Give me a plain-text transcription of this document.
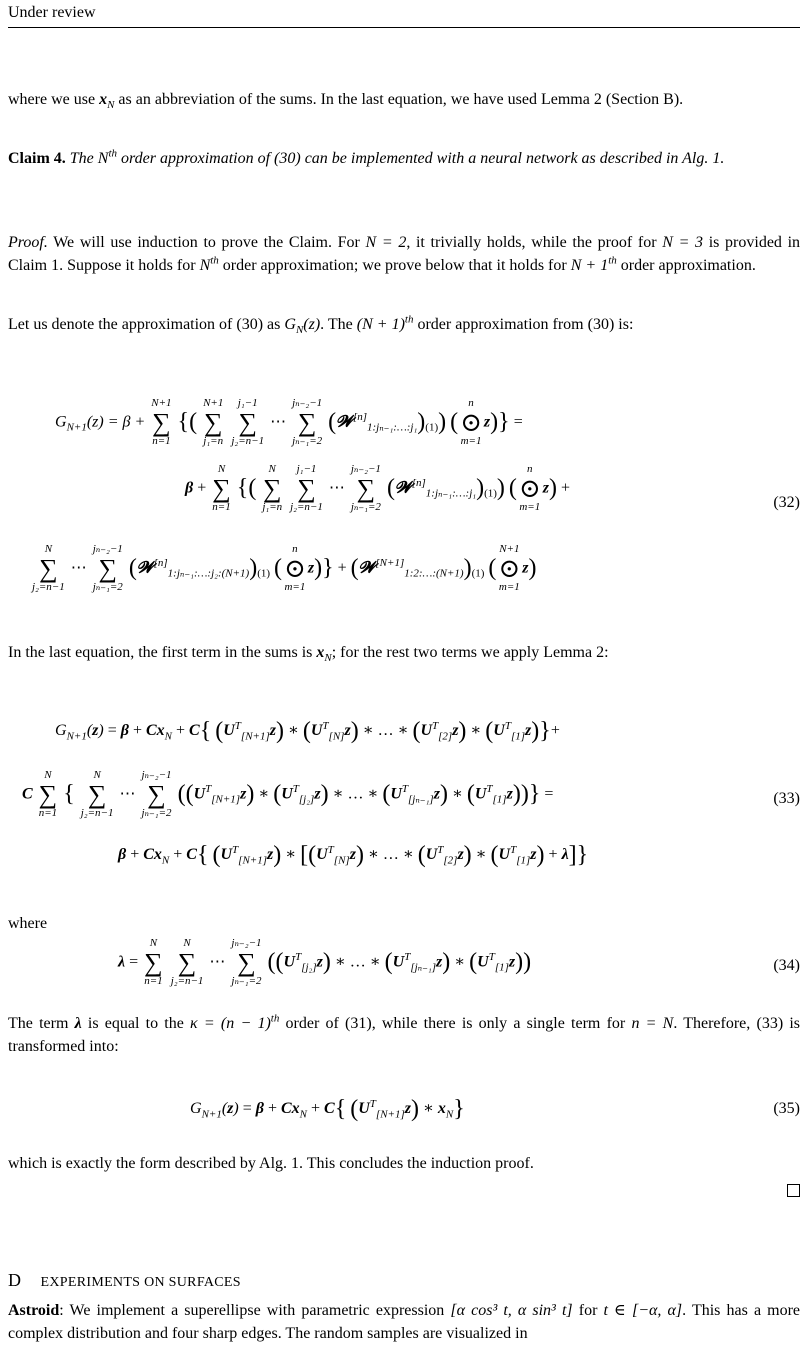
Under review

where we use $x_N$ as an abbreviation of the sums. In the last equation, we have used Lemma 2 (Section B).

Claim 4. The $N^{th}$ order approximation of (30) can be implemented with a neural network as described in Alg. 1.

Proof. We will use induction to prove the Claim. For N = 2, it trivially holds, while the proof for N = 3 is provided in Claim 1. Suppose it holds for $N^{th}$ order approximation; we prove below that it holds for N + 1th order approximation.

Let us denote the approximation of (30) as $G_N(z)$. The $(N + 1)^{th}$ order approximation from (30) is:

$G_{N+1}(z) = \beta$ +
N+1
∑
n=1
{(
N+1
∑
j₁=n

j₁−1
∑
j₂=n−1
⋯
jₙ₋₂−1
∑
jₙ₋₁=2
$(𝓦[n]_{1:j_{n-1}:\dots:j_1})_{(1)}$) (
n
⊙
m=1
z)} =
β +
N
∑
n=1
{(
N
∑
j₁=n

j₁−1
∑
j₂=n−1
⋯
jₙ₋₂−1
∑
jₙ₋₁=2
$(𝓦[n]_{1:j_{n-1}:\dots:j_1})_{(1)}$) (
n
⊙
m=1
z) +
(32)
N
∑
j₂=n−1
⋯
jₙ₋₂−1
∑
jₙ₋₁=2
$(𝓦[n]_{1:j_{n-1}:\dots:j_2:(N+1)})_{(1)}$ (
n
⊙
m=1
$z)\} + (𝓦[N+1]_{1:2:\dots:(N+1)})_{(1)}$ (
N+1
⊙
m=1
z)

In the last equation, the first term in the sums is $x_N$; for the rest two terms we apply Lemma 2:

$G_{N+1}(z) = \beta + Cx_N + C${ $(U^T_{[N+1]}z)$ ∗ $(U^T_{[N]}z)$ ∗ … ∗ $(U^T_{[2]}z)$ ∗ $(U^T_{[1]}z)\}+$
C
N
∑
n=1
{
N
∑
j₂=n−1
⋯
jₙ₋₂−1
∑
jₙ₋₁=2
($(U^T_{[N+1]}z)$ ∗ $(U^T_{[j_2]}z)$ ∗ … ∗ $(U^T_{[j_{n-1}]}z)$ ∗ $(U^T_{[1]}z)$)} =	(33)
$\beta + Cx_N + C${ $(U^T_{[N+1]}z)$ ∗ [$(U^T_{[N]}z)$ ∗ … ∗ $(U^T_{[2]}z)$ ∗ $(U^T_{[1]}z) + \lambda$]}
where
λ =
N
∑
n=1

N
∑
j₂=n−1
⋯
jₙ₋₂−1
∑
jₙ₋₁=2
($(U^T_{[j_2]}z)$ ∗ … ∗ $(U^T_{[j_{n-1}]}z)$ ∗ $(U^T_{[1]}z)$)	(34)

The term λ is equal to the $\kappa = (n - 1)^{th}$ order of (31), while there is only a single term for n = N. Therefore, (33) is transformed into:

$G_{N+1}(z) = \beta + Cx_N + C${ $(U^T_{[N+1]}z)$ ∗ $x_N$}	(35)

which is exactly the form described by Alg. 1. This concludes the induction proof.

D EXPERIMENTS ON SURFACES

Astroid: We implement a superellipse with parametric expression [α cos³ t, α sin³ t] for t ∈ [−α, α]. This has a more complex distribution and four sharp edges. The random samples are visualized in
